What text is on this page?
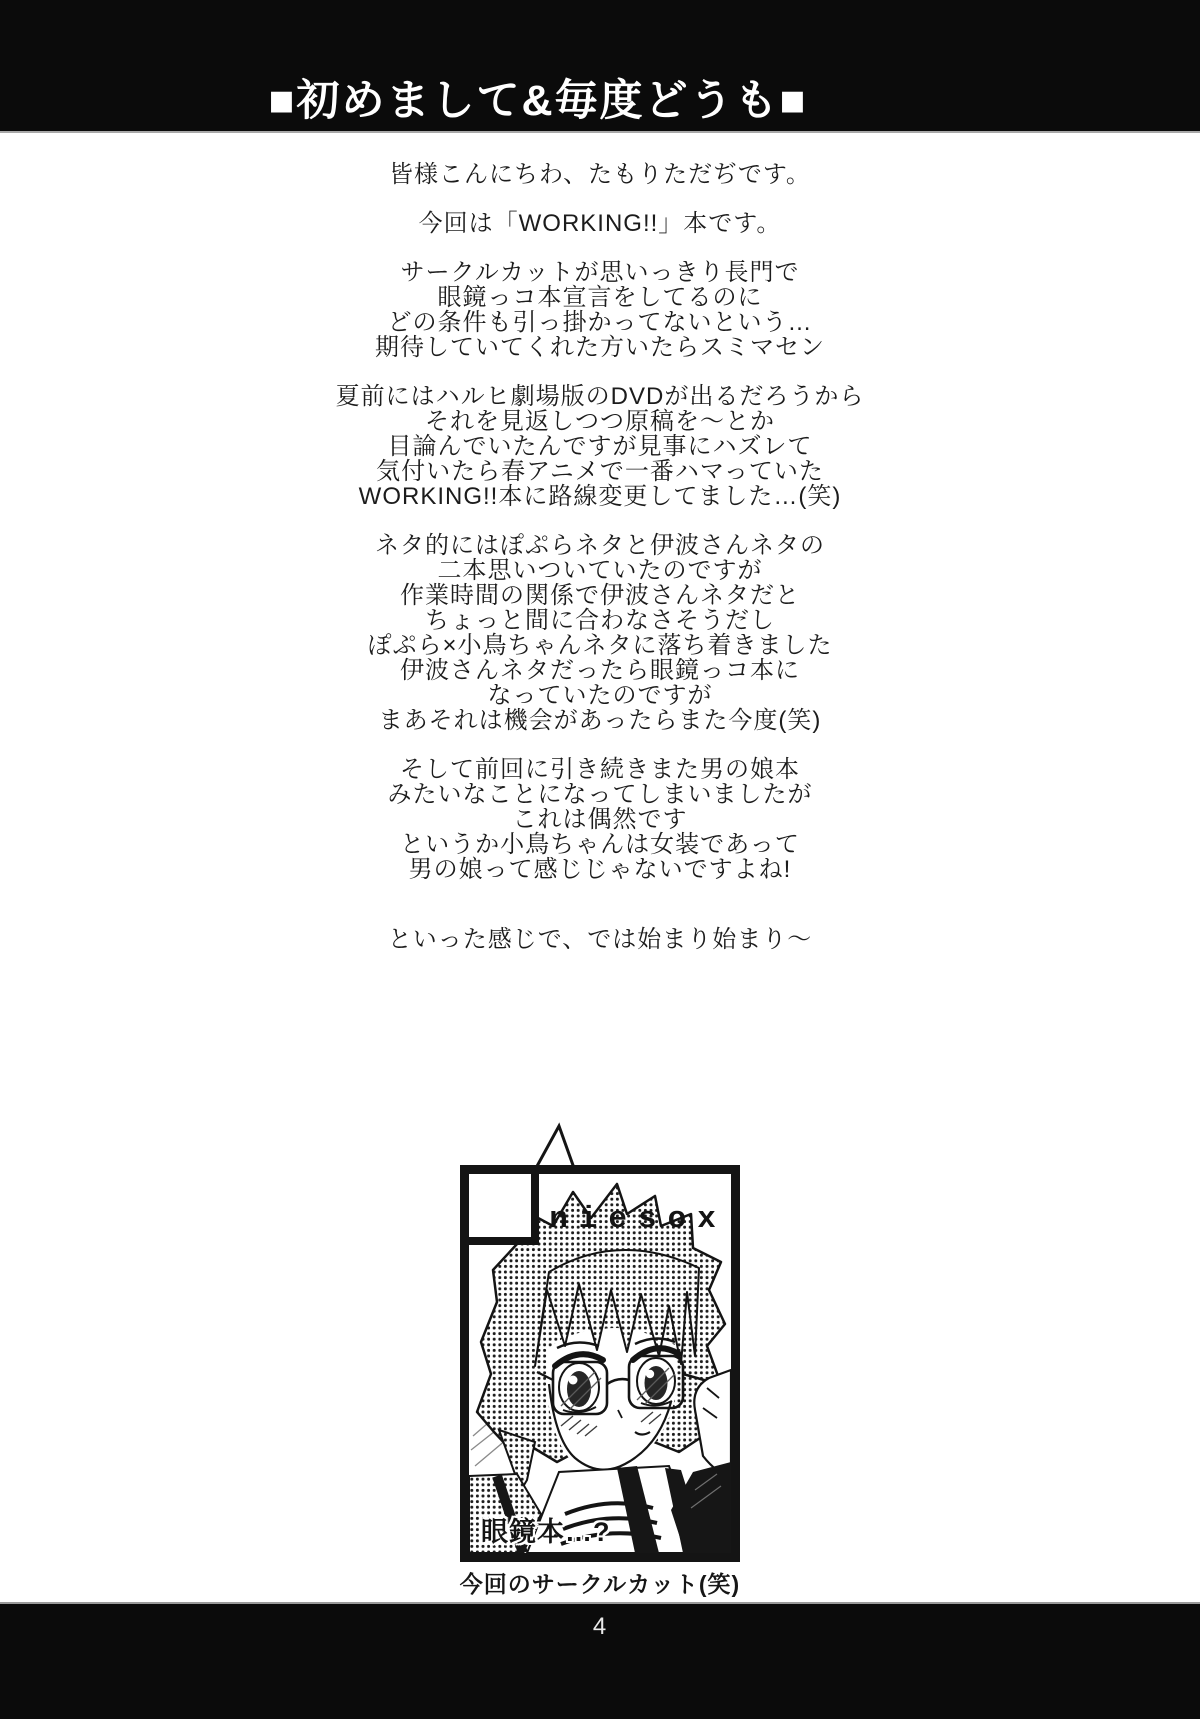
■初めまして&毎度どうも■
皆様こんにちわ、たもりただぢです。
今回は「WORKING!!」本です。
サークルカットが思いっきり長門で
眼鏡っコ本宣言をしてるのに
どの条件も引っ掛かってないという…
期待していてくれた方いたらスミマセン
夏前にはハルヒ劇場版のDVDが出るだろうから
それを見返しつつ原稿を〜とか
目論んでいたんですが見事にハズレて
気付いたら春アニメで一番ハマっていた
WORKING!!本に路線変更してました…(笑)
ネタ的にはぽぷらネタと伊波さんネタの
二本思いついていたのですが
作業時間の関係で伊波さんネタだと
ちょっと間に合わなさそうだし
ぽぷら×小鳥ちゃんネタに落ち着きました
伊波さんネタだったら眼鏡っコ本に
なっていたのですが
まあそれは機会があったらまた今度(笑)
そして前回に引き続きまた男の娘本
みたいなことになってしまいましたが
これは偶然です
というか小鳥ちゃんは女装であって
男の娘って感じじゃないですよね!
といった感じで、では始まり始まり〜
niesox
眼鏡本…?
今回のサークルカット(笑)
4
